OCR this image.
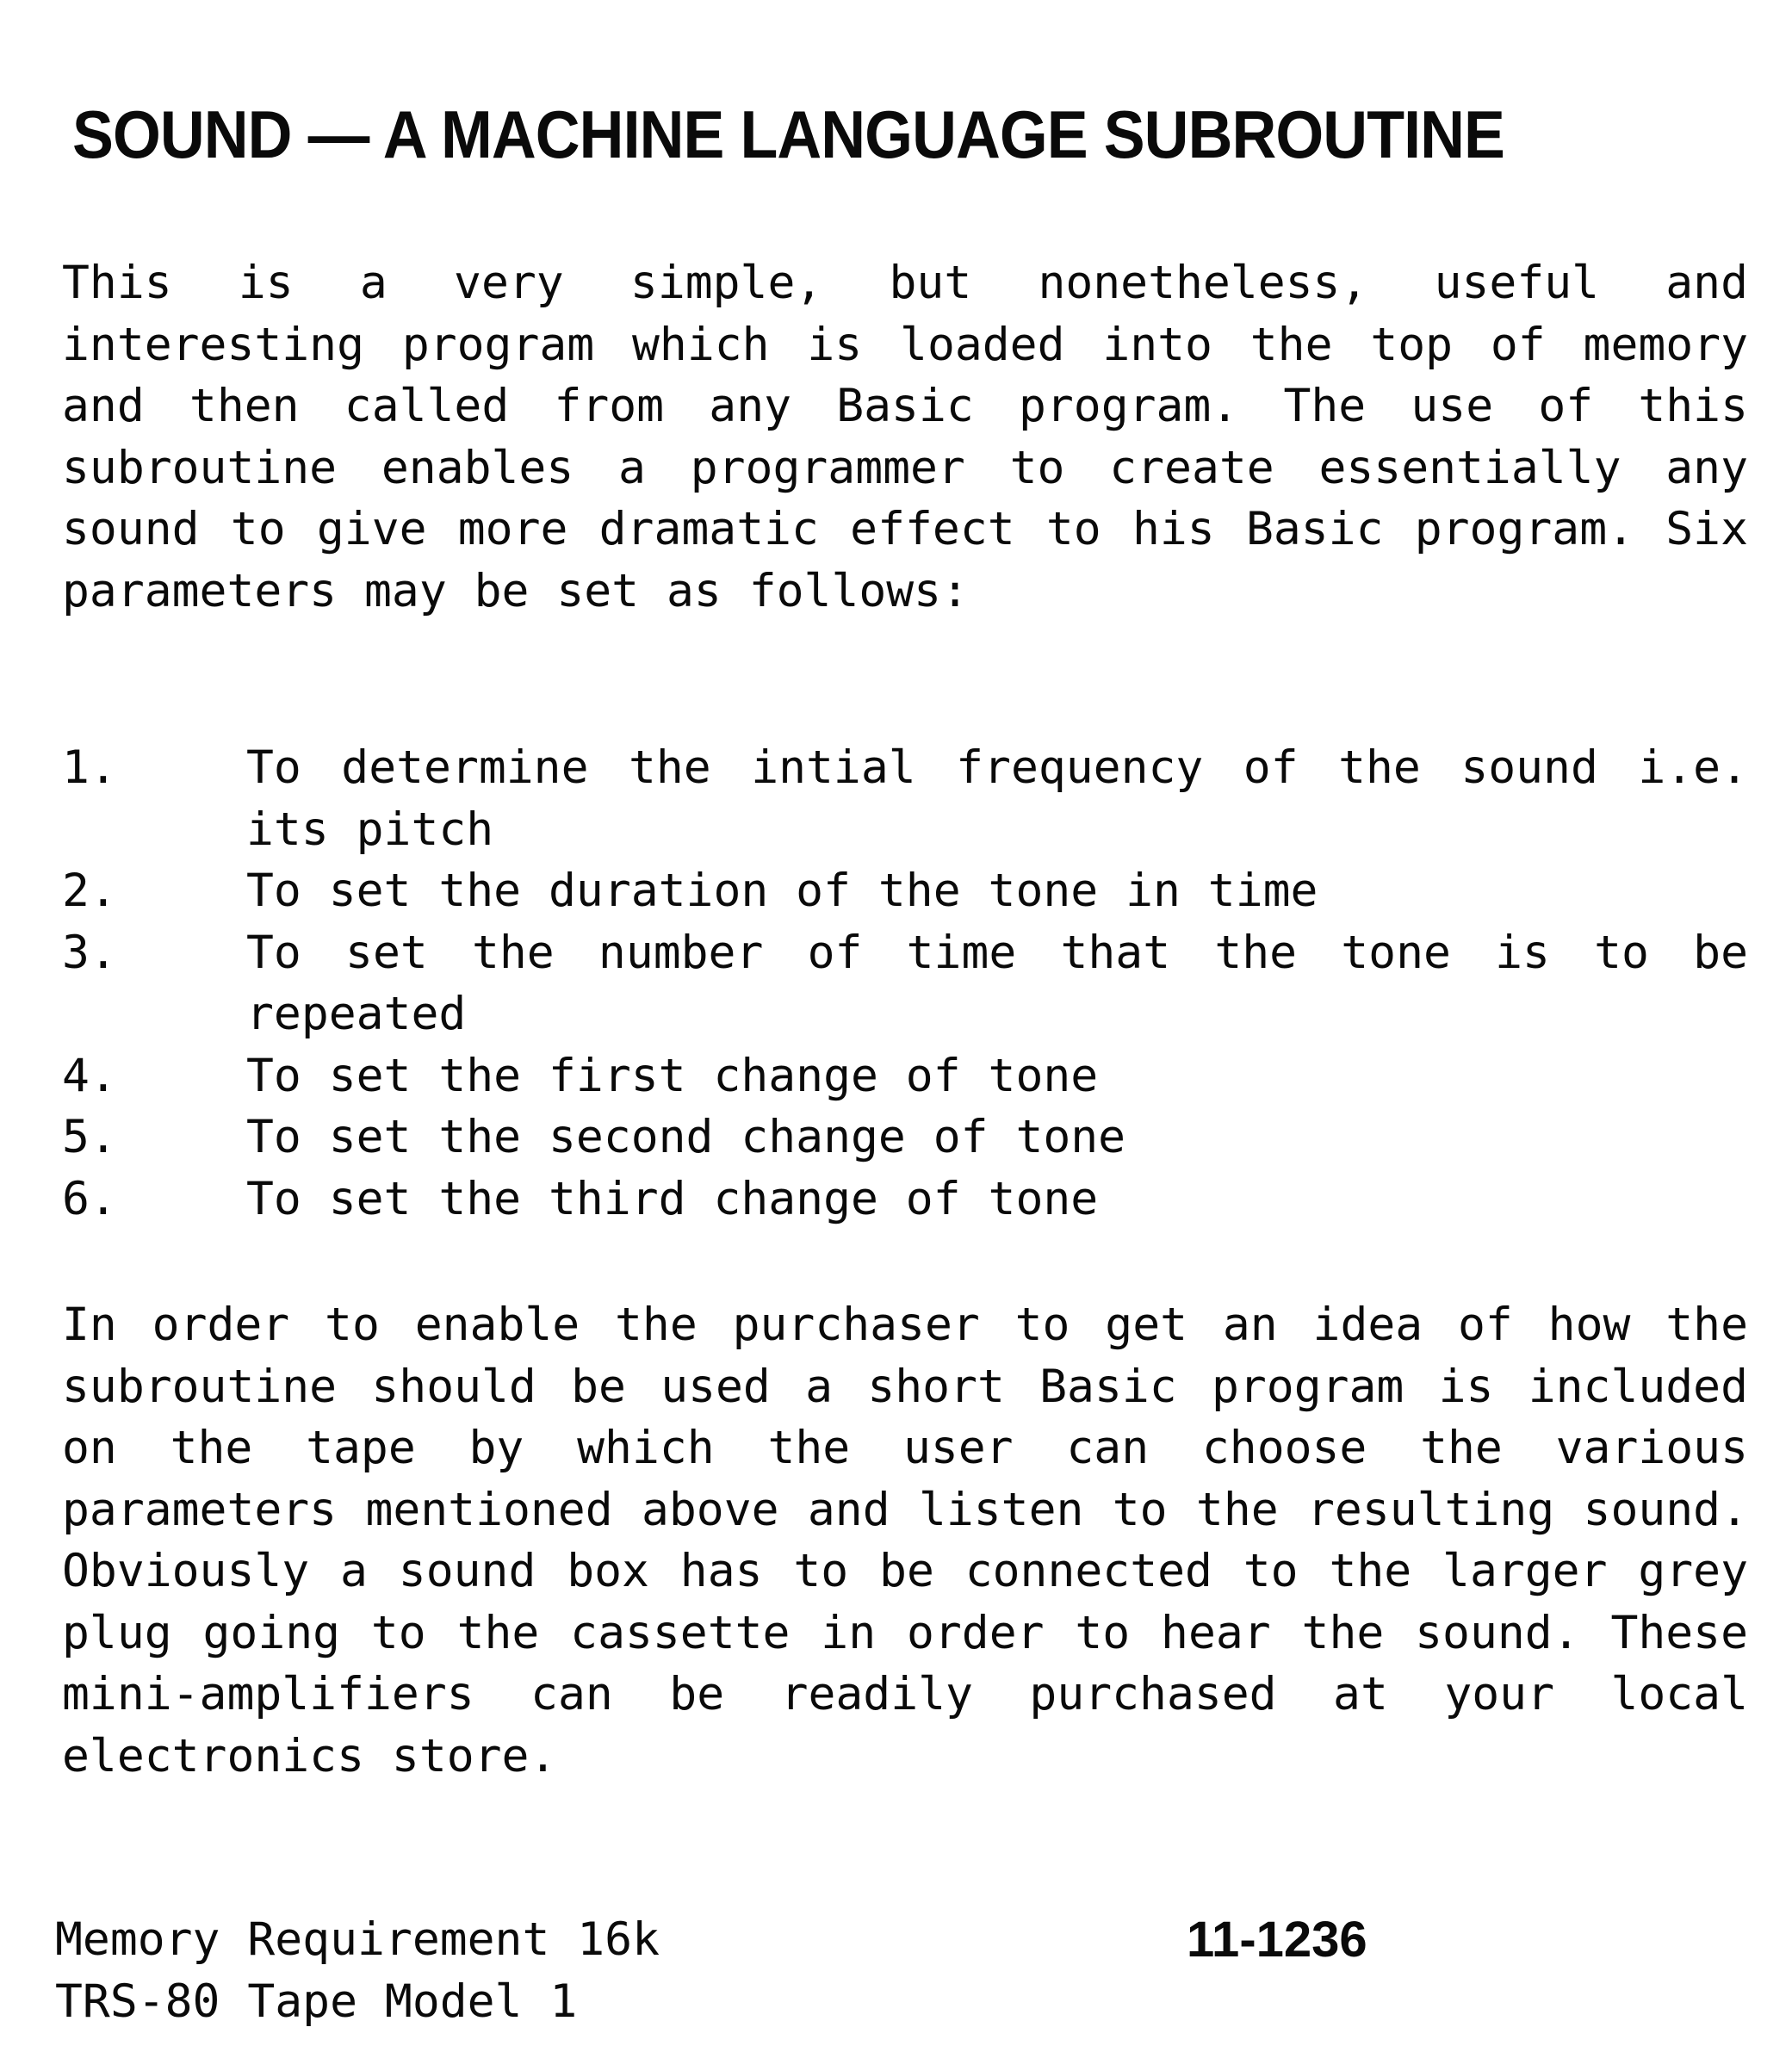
SOUND — A MACHINE LANGUAGE SUBROUTINE

This is a very simple, but nonetheless, useful and interesting program which is loaded into the top of memory and then called from any Basic program. The use of this subroutine enables a programmer to create essentially any sound to give more dramatic effect to his Basic program. Six parameters may be set as follows:

1.	To determine the intial frequency of the sound i.e. its pitch
2.	To set the duration of the tone in time
3.	To set the number of time that the tone is to be repeated
4.	To set the first change of tone
5.	To set the second change of tone
6.	To set the third change of tone

In order to enable the purchaser to get an idea of how the subroutine should be used a short Basic program is included on the tape by which the user can choose the various parameters mentioned above and listen to the resulting sound. Obviously a sound box has to be connected to the larger grey plug going to the cassette in order to hear the sound. These mini-amplifiers can be readily purchased at your local electronics store.

Memory Requirement 16k
TRS-80 Tape Model 1
11-1236
